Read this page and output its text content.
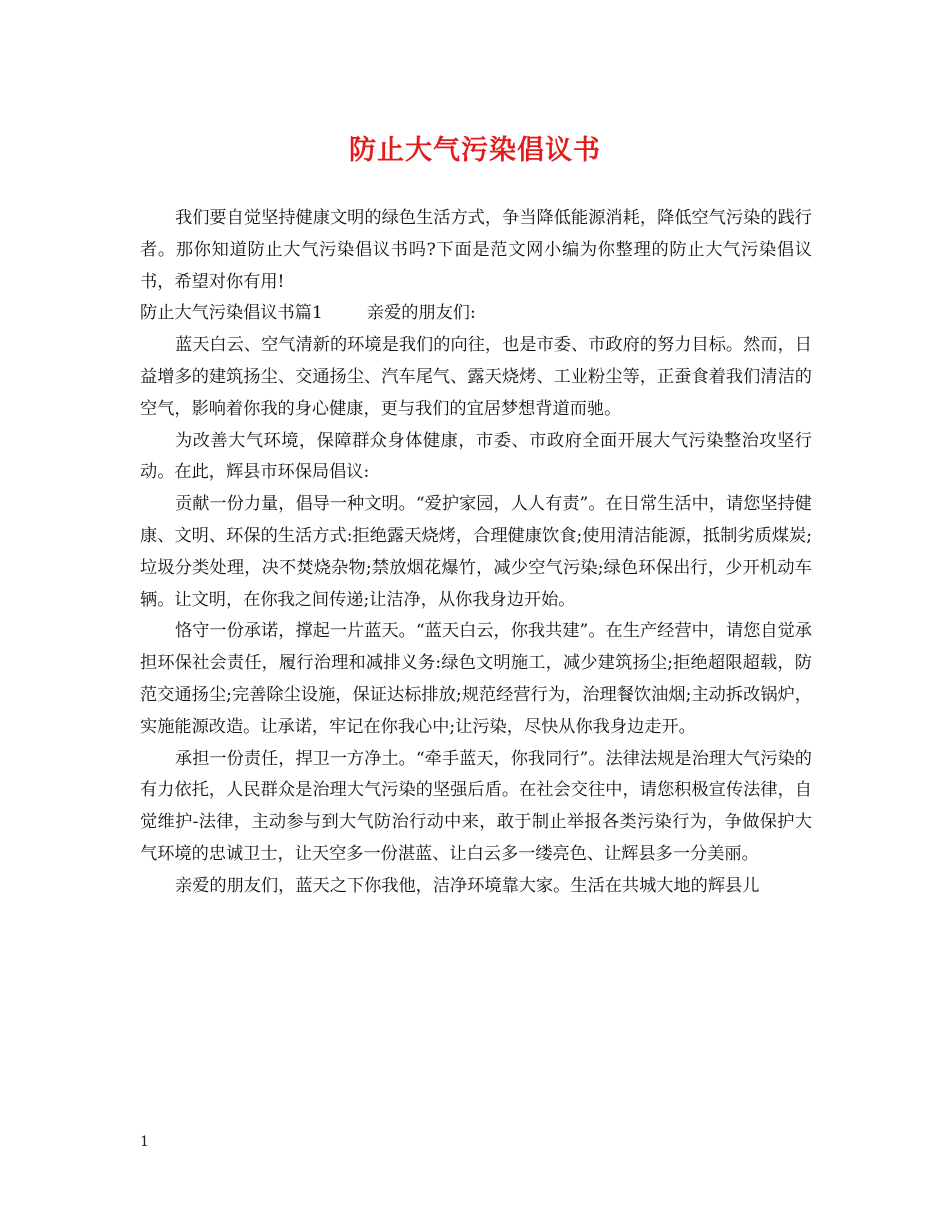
防止大气污染倡议书

我们要自觉坚持健康文明的绿色生活方式，争当降低能源消耗，降低空气污染的践行者。那你知道防止大气污染倡议书吗?下面是范文网小编为你整理的防止大气污染倡议书，希望对你有用!

防止大气污染倡议书篇1	亲爱的朋友们:

蓝天白云、空气清新的环境是我们的向往，也是市委、市政府的努力目标。然而，日益增多的建筑扬尘、交通扬尘、汽车尾气、露天烧烤、工业粉尘等，正蚕食着我们清洁的空气，影响着你我的身心健康，更与我们的宜居梦想背道而驰。

为改善大气环境，保障群众身体健康，市委、市政府全面开展大气污染整治攻坚行动。在此，辉县市环保局倡议:

贡献一份力量，倡导一种文明。“爱护家园，人人有责”。在日常生活中，请您坚持健康、文明、环保的生活方式:拒绝露天烧烤，合理健康饮食;使用清洁能源，抵制劣质煤炭;垃圾分类处理，决不焚烧杂物;禁放烟花爆竹，减少空气污染;绿色环保出行，少开机动车辆。让文明，在你我之间传递;让洁净，从你我身边开始。

恪守一份承诺，撑起一片蓝天。“蓝天白云，你我共建”。在生产经营中，请您自觉承担环保社会责任，履行治理和减排义务:绿色文明施工，减少建筑扬尘;拒绝超限超载，防范交通扬尘;完善除尘设施，保证达标排放;规范经营行为，治理餐饮油烟;主动拆改锅炉，实施能源改造。让承诺，牢记在你我心中;让污染，尽快从你我身边走开。

承担一份责任，捍卫一方净土。“牵手蓝天，你我同行”。法律法规是治理大气污染的有力依托，人民群众是治理大气污染的坚强后盾。在社会交往中，请您积极宣传法律，自觉维护-法律，主动参与到大气防治行动中来，敢于制止举报各类污染行为，争做保护大气环境的忠诚卫士，让天空多一份湛蓝、让白云多一缕亮色、让辉县多一分美丽。

亲爱的朋友们，蓝天之下你我他，洁净环境靠大家。生活在共城大地的辉县儿

1
